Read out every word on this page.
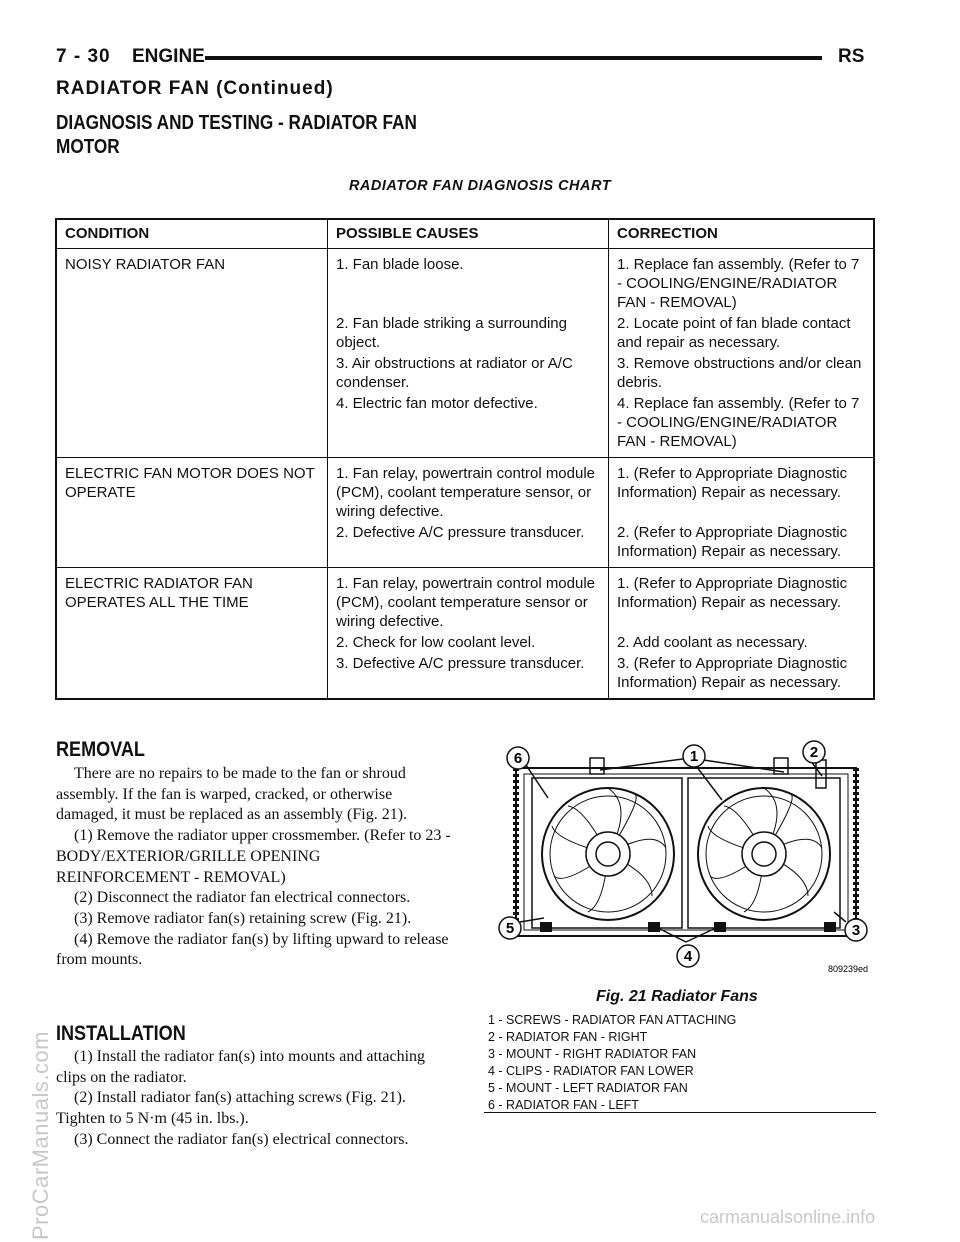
7 - 30 ENGINE	RS
RADIATOR FAN (Continued)
DIAGNOSIS AND TESTING - RADIATOR FAN
MOTOR
RADIATOR FAN DIAGNOSIS CHART
CONDITION	POSSIBLE CAUSES	CORRECTION
NOISY RADIATOR FAN	1. Fan blade loose.	1. Replace fan assembly. (Refer to 7 - COOLING/ENGINE/RADIATOR FAN - REMOVAL)
	2. Fan blade striking a surrounding object.	2. Locate point of fan blade contact and repair as necessary.
	3. Air obstructions at radiator or A/C condenser.	3. Remove obstructions and/or clean debris.
	4. Electric fan motor defective.	4. Replace fan assembly. (Refer to 7 - COOLING/ENGINE/RADIATOR FAN - REMOVAL)
ELECTRIC FAN MOTOR DOES NOT OPERATE	1. Fan relay, powertrain control module (PCM), coolant temperature sensor, or wiring defective.	1. (Refer to Appropriate Diagnostic Information) Repair as necessary.
	2. Defective A/C pressure transducer.	2. (Refer to Appropriate Diagnostic Information) Repair as necessary.
ELECTRIC RADIATOR FAN OPERATES ALL THE TIME	1. Fan relay, powertrain control module (PCM), coolant temperature sensor or wiring defective.	1. (Refer to Appropriate Diagnostic Information) Repair as necessary.
	2. Check for low coolant level.	2. Add coolant as necessary.
	3. Defective A/C pressure transducer.	3. (Refer to Appropriate Diagnostic Information) Repair as necessary.
REMOVAL

There are no repairs to be made to the fan or shroud assembly. If the fan is warped, cracked, or otherwise damaged, it must be replaced as an assembly (Fig. 21).

(1) Remove the radiator upper crossmember. (Refer to 23 - BODY/EXTERIOR/GRILLE OPENING REINFORCEMENT - REMOVAL)

(2) Disconnect the radiator fan electrical connectors.

(3) Remove radiator fan(s) retaining screw (Fig. 21).

(4) Remove the radiator fan(s) by lifting upward to release from mounts.

INSTALLATION

(1) Install the radiator fan(s) into mounts and attaching clips on the radiator.

(2) Install radiator fan(s) attaching screws (Fig. 21). Tighten to 5 N·m (45 in. lbs.).

(3) Connect the radiator fan(s) electrical connectors.

6	1	2
3
4
5
809239ed
Fig. 21 Radiator Fans
1 - SCREWS - RADIATOR FAN ATTACHING
2 - RADIATOR FAN - RIGHT
3 - MOUNT - RIGHT RADIATOR FAN
4 - CLIPS - RADIATOR FAN LOWER
5 - MOUNT - LEFT RADIATOR FAN
6 - RADIATOR FAN - LEFT
ProCarManuals.com	carmanualsonline.info
